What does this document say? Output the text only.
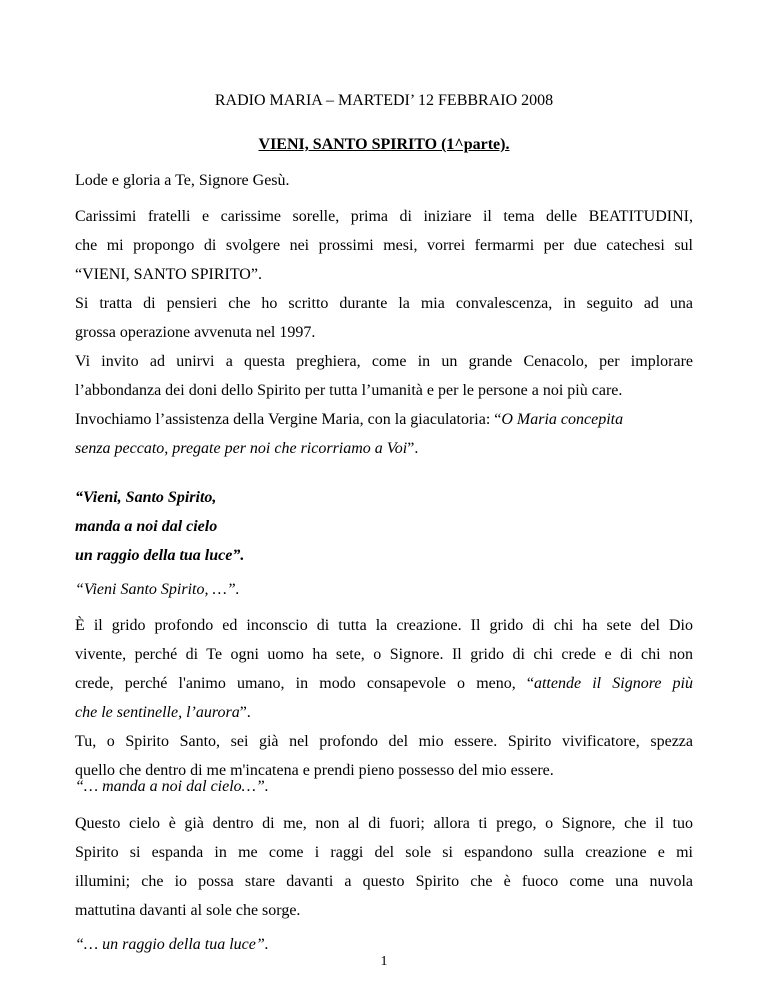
RADIO MARIA – MARTEDI’ 12 FEBBRAIO 2008

VIENI, SANTO SPIRITO (1^parte).

Lode e gloria a Te, Signore Gesù.

Carissimi fratelli e carissime sorelle, prima di iniziare il tema delle BEATITUDINI,
che mi propongo di svolgere nei prossimi mesi, vorrei fermarmi per due catechesi sul
“VIENI, SANTO SPIRITO”.
Si tratta di pensieri che ho scritto durante la mia convalescenza, in seguito ad una
grossa operazione avvenuta nel 1997.
Vi invito ad unirvi a questa preghiera, come in un grande Cenacolo, per implorare
l’abbondanza dei doni dello Spirito per tutta l’umanità e per le persone a noi più care.
Invochiamo l’assistenza della Vergine Maria, con la giaculatoria: “O Maria concepita
senza peccato, pregate per noi che ricorriamo a Voi”.
“Vieni, Santo Spirito,
manda a noi dal cielo
un raggio della tua luce”.

“Vieni Santo Spirito, …”.

È il grido profondo ed inconscio di tutta la creazione. Il grido di chi ha sete del Dio
vivente, perché di Te ogni uomo ha sete, o Signore. Il grido di chi crede e di chi non
crede, perché l'animo umano, in modo consapevole o meno, “attende il Signore più
che le sentinelle, l’aurora”.
Tu, o Spirito Santo, sei già nel profondo del mio essere. Spirito vivificatore, spezza
quello che dentro di me m'incatena e prendi pieno possesso del mio essere.

“… manda a noi dal cielo…”.

Questo cielo è già dentro di me, non al di fuori; allora ti prego, o Signore, che il tuo
Spirito si espanda in me come i raggi del sole si espandono sulla creazione e mi
illumini; che io possa stare davanti a questo Spirito che è fuoco come una nuvola
mattutina davanti al sole che sorge.

“… un raggio della tua luce”.

1
